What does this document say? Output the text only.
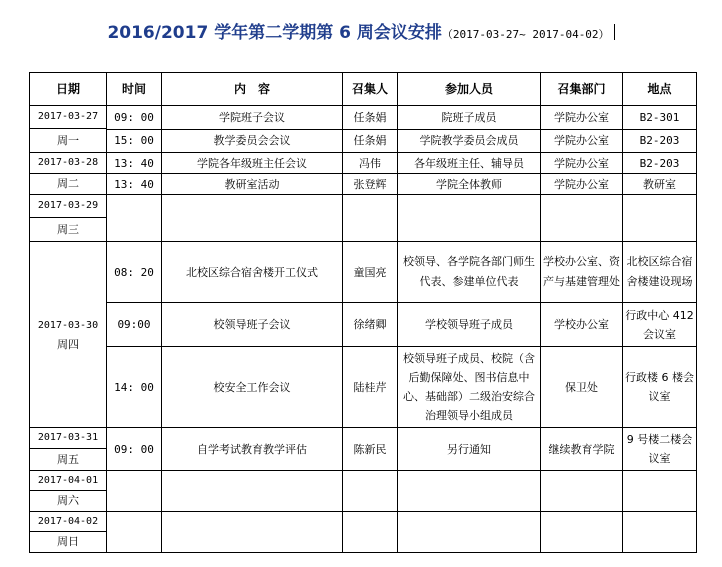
2016/2017 学年第二学期第 6 周会议安排（2017-03-27~ 2017-04-02）
日期	时间	内　容	召集人	参加人员	召集部门	地点

2017-03-27
周一	09: 00	学院班子会议	任条娟	院班子成员	学院办公室	B2-301
	15: 00	教学委员会会议	任条娟	学院教学委员会成员	学院办公室	B2-203

2017-03-28
周二	13: 40	学院各年级班主任会议	冯伟	各年级班主任、辅导员	学院办公室	B2-203
	13: 40	教研室活动	张登辉	学院全体教师	学院办公室	教研室

2017-03-29
周三						

2017-03-30
周四	08: 20	北校区综合宿舍楼开工仪式	童国亮	校领导、各学院各部门师生代表、参建单位代表	学校办公室、资产与基建管理处	北校区综合宿舍楼建设现场
	09:00	校领导班子会议	徐绪卿	学校领导班子成员	学校办公室	行政中心 412 会议室
	14: 00	校安全工作会议	陆桂芹	校领导班子成员、校院（含后勤保障处、图书信息中心、基础部）二级治安综合治理领导小组成员	保卫处	行政楼 6 楼会议室

2017-03-31
周五	09: 00	自学考试教育教学评估	陈新民	另行通知	继续教育学院	9 号楼二楼会议室

2017-04-01
周六						

2017-04-02
周日						
